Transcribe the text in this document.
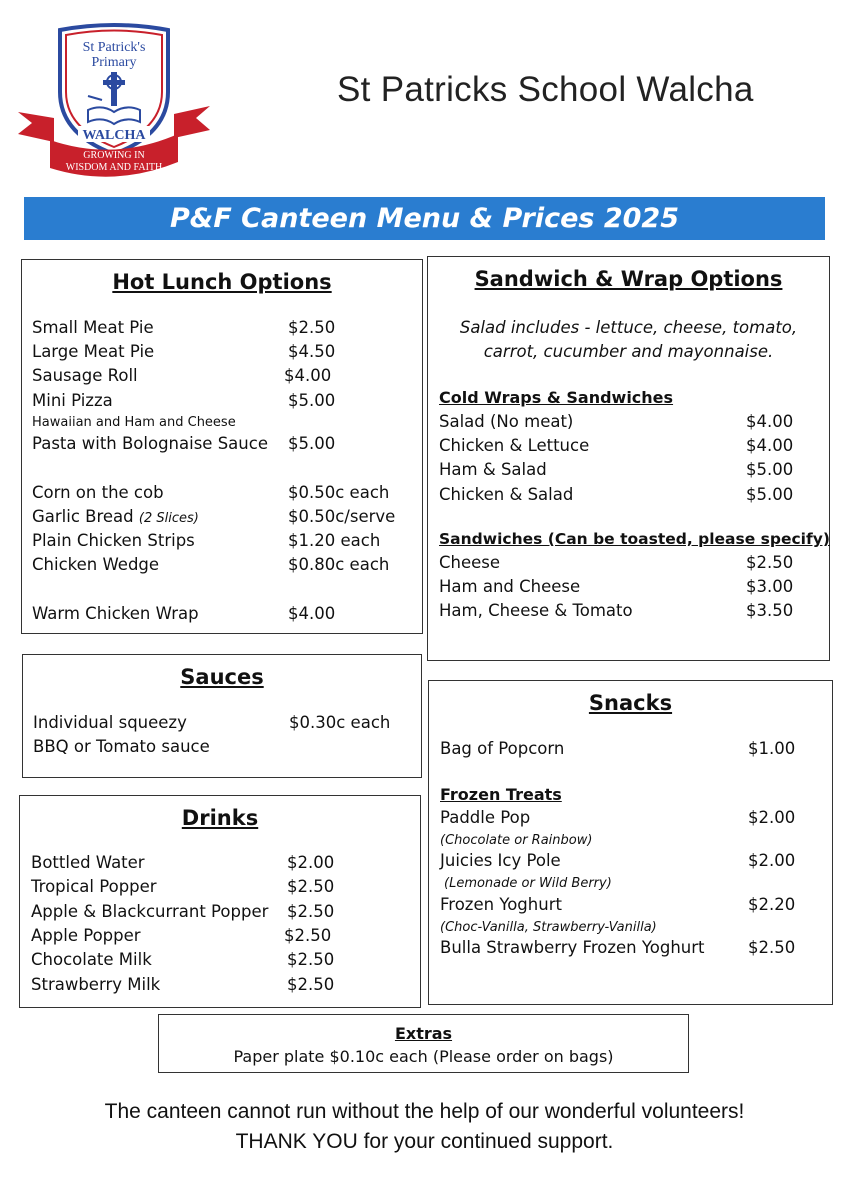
St Patrick's
Primary
WALCHA
GROWING IN
WISDOM AND FAITH
St Patricks School Walcha
P&F Canteen Menu & Prices 2025
Hot Lunch Options
Small Meat Pie	$2.50
Large Meat Pie	$4.50
Sausage Roll	$4.00
Mini Pizza	$5.00
Hawaiian and Ham and Cheese
Pasta with Bolognaise Sauce $5.00
Corn on the cob	$0.50c each
Garlic Bread (2 Slices)	$0.50c/serve
Plain Chicken Strips	$1.20 each
Chicken Wedge	$0.80c each
Warm Chicken Wrap	$4.00
Sauces
Individual squeezy	$0.30c each
BBQ or Tomato sauce
Drinks
Bottled Water	$2.00
Tropical Popper	$2.50
Apple & Blackcurrant Popper $2.50
Apple Popper	$2.50
Chocolate Milk	$2.50
Strawberry Milk	$2.50
Sandwich & Wrap Options
Salad includes - lettuce, cheese, tomato,
carrot, cucumber and mayonnaise.
Cold Wraps & Sandwiches
Salad (No meat)	$4.00
Chicken & Lettuce	$4.00
Ham & Salad	$5.00
Chicken & Salad	$5.00
Sandwiches (Can be toasted, please specify)
Cheese	$2.50
Ham and Cheese	$3.00
Ham, Cheese & Tomato	$3.50
Snacks
Bag of Popcorn	$1.00
Frozen Treats
Paddle Pop	$2.00
(Chocolate or Rainbow)
Juicies Icy Pole	$2.00
(Lemonade or Wild Berry)
Frozen Yoghurt	$2.20
(Choc-Vanilla, Strawberry-Vanilla)
Bulla Strawberry Frozen Yoghurt	$2.50
Extras
Paper plate $0.10c each (Please order on bags)
The canteen cannot run without the help of our wonderful volunteers!
THANK YOU for your continued support.
